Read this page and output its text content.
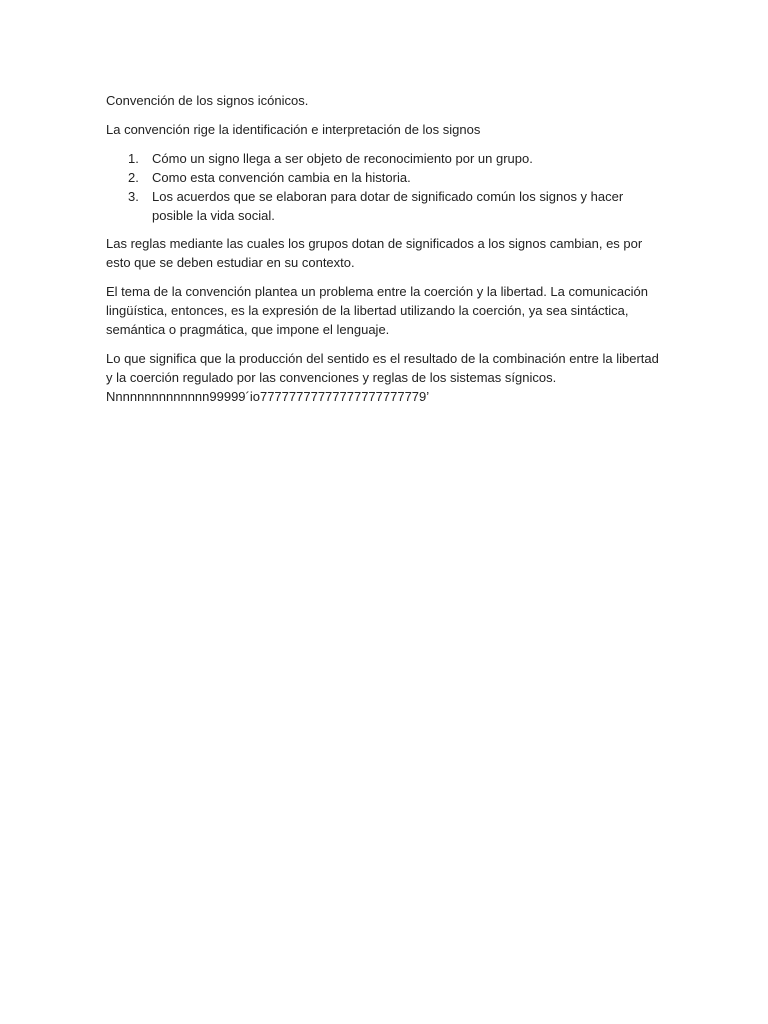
Convención de los signos icónicos.

La convención rige la identificación e interpretación de los signos

1. Cómo un signo llega a ser objeto de reconocimiento por un grupo.
2. Como esta convención cambia en la historia.
3. Los acuerdos que se elaboran para dotar de significado común los signos y hacer posible la vida social.

Las reglas mediante las cuales los grupos dotan de significados a los signos cambian, es por esto que se deben estudiar en su contexto.

El tema de la convención plantea un problema entre la coerción y la libertad. La comunicación lingüística, entonces, es la expresión de la libertad utilizando la coerción, ya sea sintáctica, semántica o pragmática, que impone el lenguaje.

Lo que significa que la producción del sentido es el resultado de la combinación entre la libertad y la coerción regulado por las convenciones y reglas de los sistemas sígnicos.

Nnnnnnnnnnnnnn99999´io77777777777777777777779’
